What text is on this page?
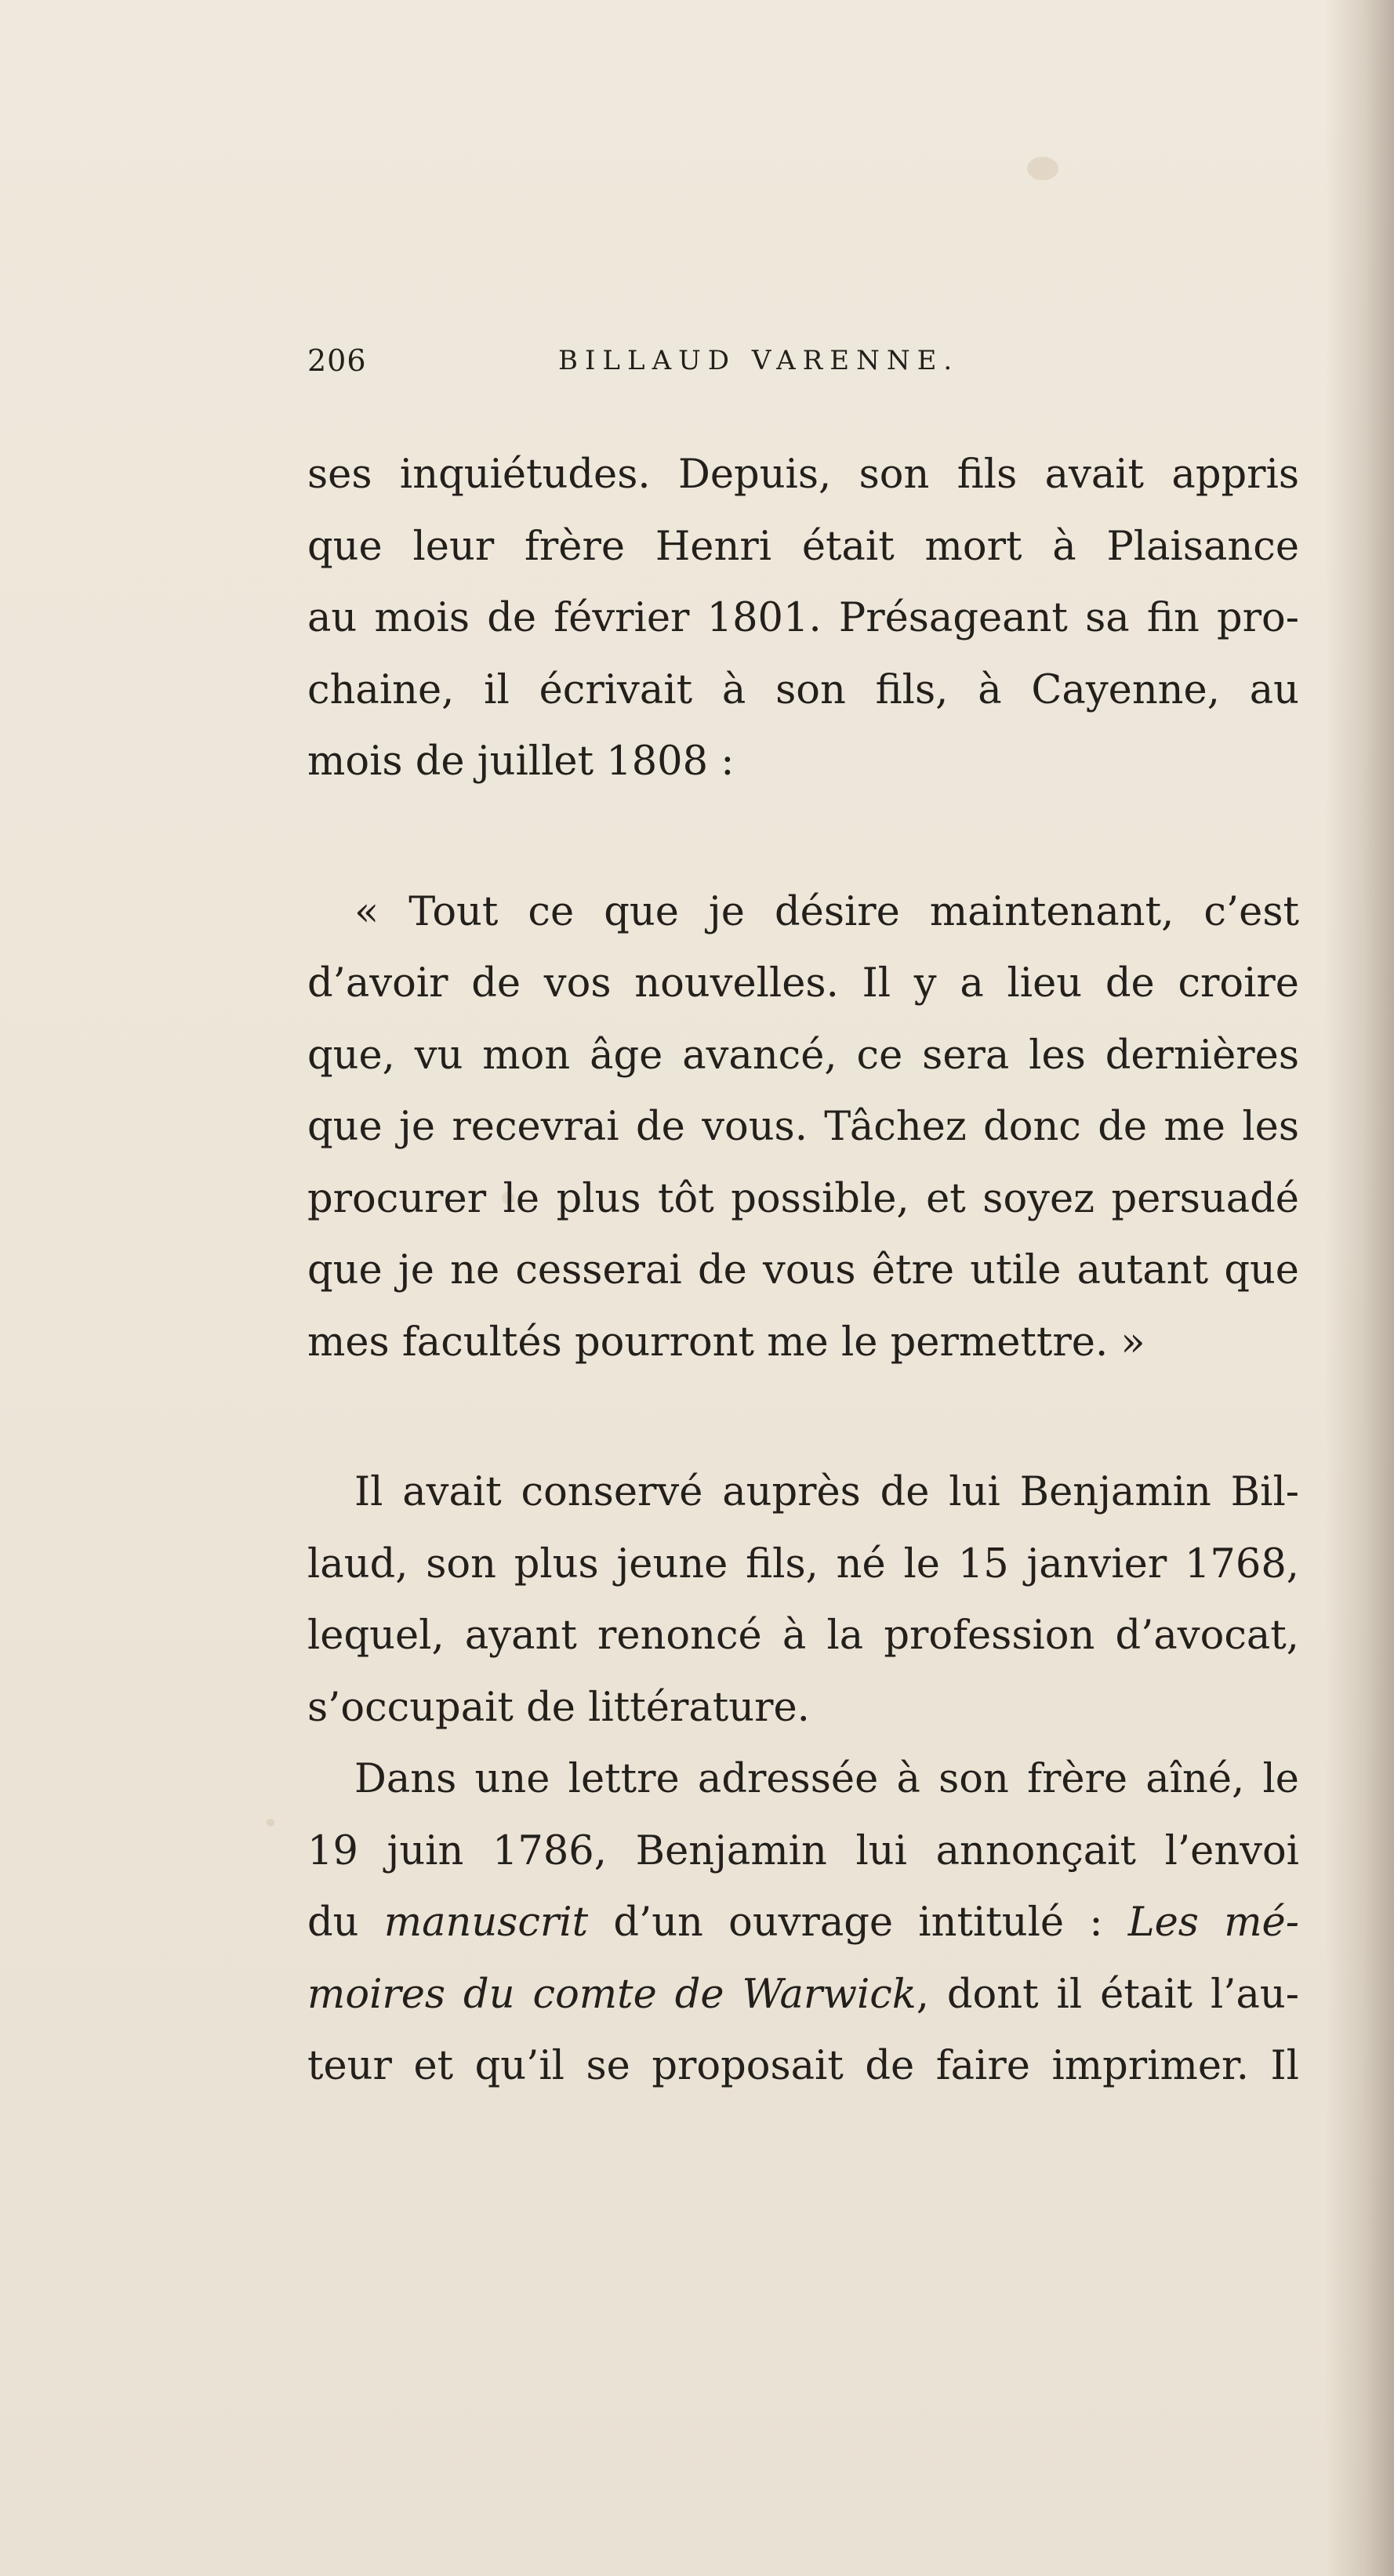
206	BILLAUD VARENNE.
ses inquiétudes. Depuis, son fils avait appris
que leur frère Henri était mort à Plaisance
au mois de février 1801. Présageant sa fin pro-
chaine, il écrivait à son fils, à Cayenne, au
mois de juillet 1808 :
« Tout ce que je désire maintenant, c’est
d’avoir de vos nouvelles. Il y a lieu de croire
que, vu mon âge avancé, ce sera les dernières
que je recevrai de vous. Tâchez donc de me les
procurer le plus tôt possible, et soyez persuadé
que je ne cesserai de vous être utile autant que
mes facultés pourront me le permettre. »
Il avait conservé auprès de lui Benjamin Bil-
laud, son plus jeune fils, né le 15 janvier 1768,
lequel, ayant renoncé à la profession d’avocat,
s’occupait de littérature.
Dans une lettre adressée à son frère aîné, le
19 juin 1786, Benjamin lui annonçait l’envoi
du manuscrit d’un ouvrage intitulé : Les mé-
moires du comte de Warwick, dont il était l’au-
teur et qu’il se proposait de faire imprimer. Il
